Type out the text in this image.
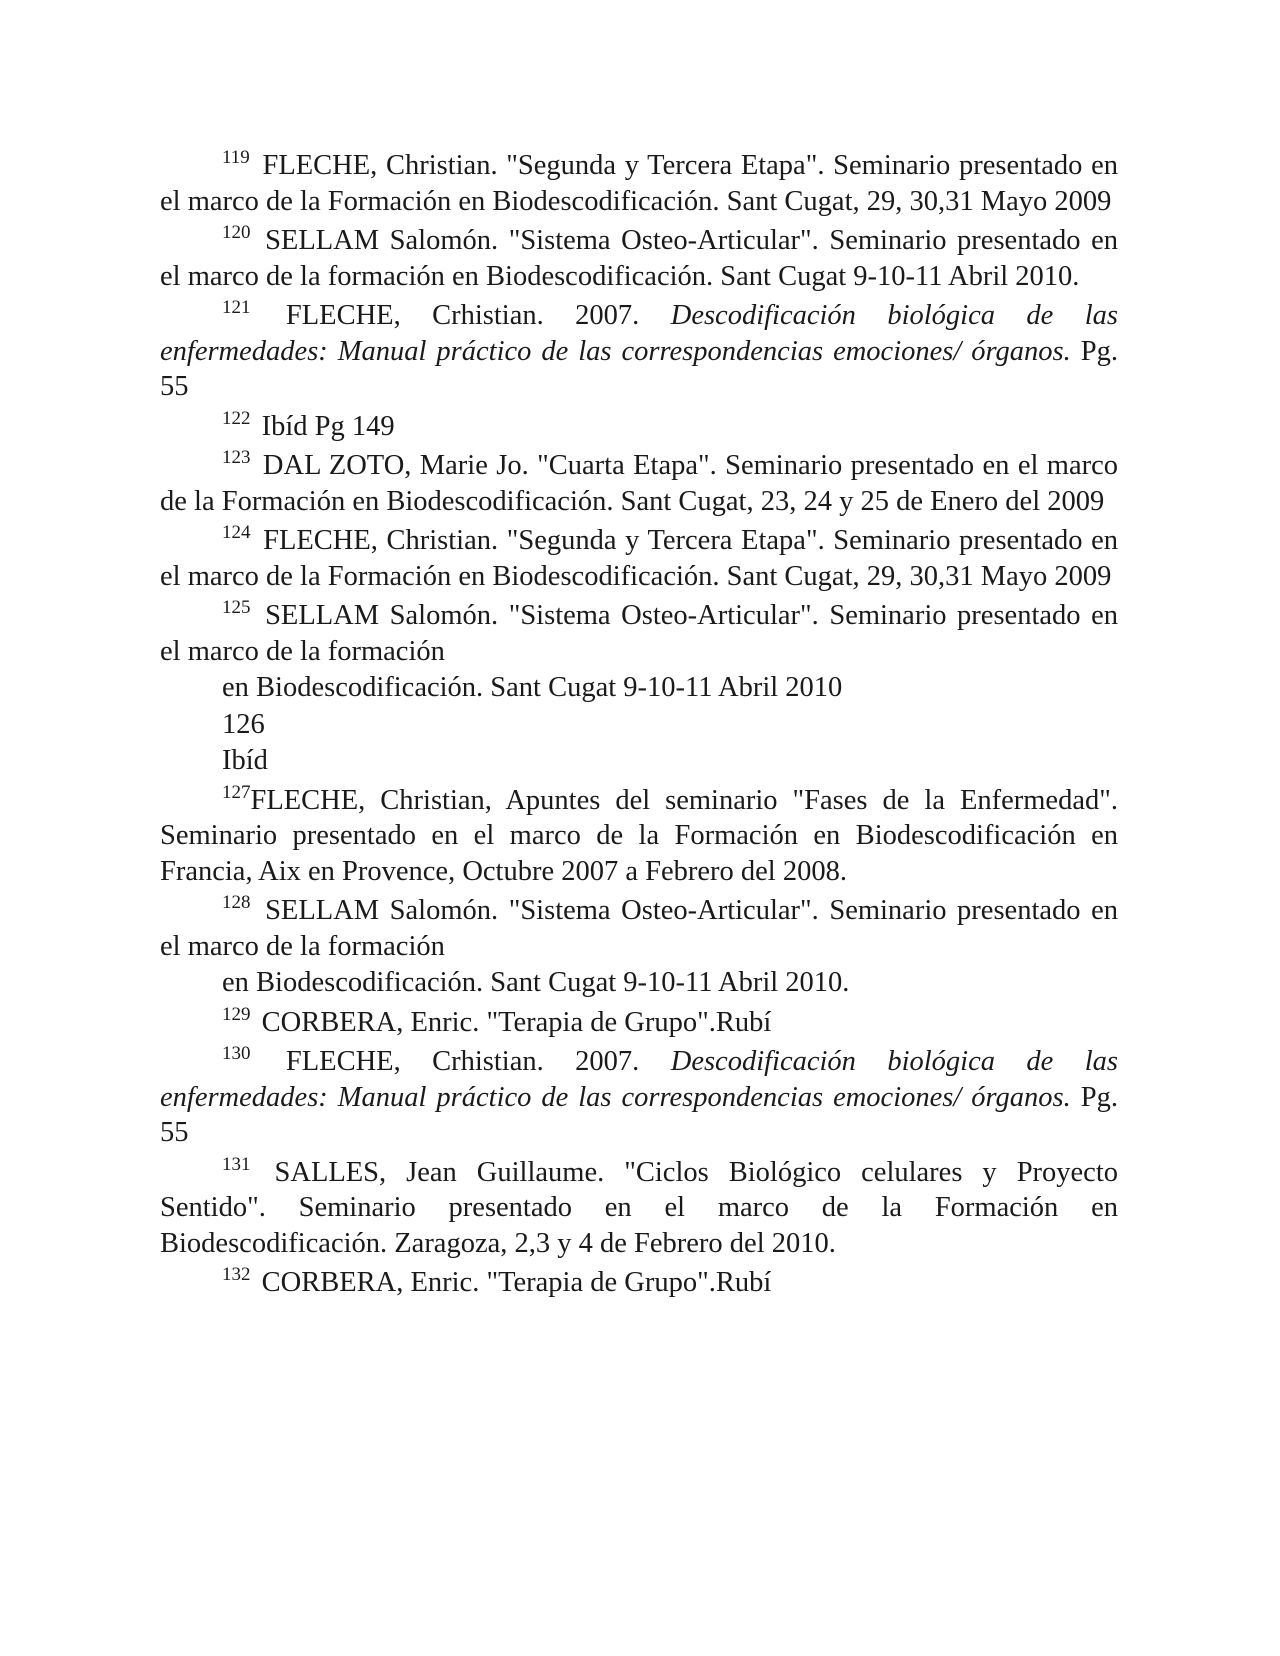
$^{119}$ FLECHE, Christian. "Segunda y Tercera Etapa". Seminario presentado en el marco de la Formación en Biodescodificación. Sant Cugat, 29, 30,31 Mayo 2009

$^{120}$ SELLAM Salomón. "Sistema Osteo-Articular". Seminario presentado en el marco de la formación en Biodescodificación. Sant Cugat 9-10-11 Abril 2010.

$^{121}$ FLECHE, Crhistian. 2007. Descodificación biológica de las enfermedades: Manual práctico de las correspondencias emociones/ órganos. Pg. 55

$^{122}$ Ibíd Pg 149

$^{123}$ DAL ZOTO, Marie Jo. "Cuarta Etapa". Seminario presentado en el marco de la Formación en Biodescodificación. Sant Cugat, 23, 24 y 25 de Enero del 2009

$^{124}$ FLECHE, Christian. "Segunda y Tercera Etapa". Seminario presentado en el marco de la Formación en Biodescodificación. Sant Cugat, 29, 30,31 Mayo 2009

$^{125}$ SELLAM Salomón. "Sistema Osteo-Articular". Seminario presentado en el marco de la formación

en Biodescodificación. Sant Cugat 9-10-11 Abril 2010
126
Ibíd

$^{127}$FLECHE, Christian, Apuntes del seminario "Fases de la Enfermedad". Seminario presentado en el marco de la Formación en Biodescodificación en Francia, Aix en Provence, Octubre 2007 a Febrero del 2008.

$^{128}$ SELLAM Salomón. "Sistema Osteo-Articular". Seminario presentado en el marco de la formación

en Biodescodificación. Sant Cugat 9-10-11 Abril 2010.

$^{129}$ CORBERA, Enric. "Terapia de Grupo".Rubí

$^{130}$ FLECHE, Crhistian. 2007. Descodificación biológica de las enfermedades: Manual práctico de las correspondencias emociones/ órganos. Pg. 55

$^{131}$ SALLES, Jean Guillaume. "Ciclos Biológico celulares y Proyecto Sentido". Seminario presentado en el marco de la Formación en Biodescodificación. Zaragoza, 2,3 y 4 de Febrero del 2010.

$^{132}$ CORBERA, Enric. "Terapia de Grupo".Rubí
